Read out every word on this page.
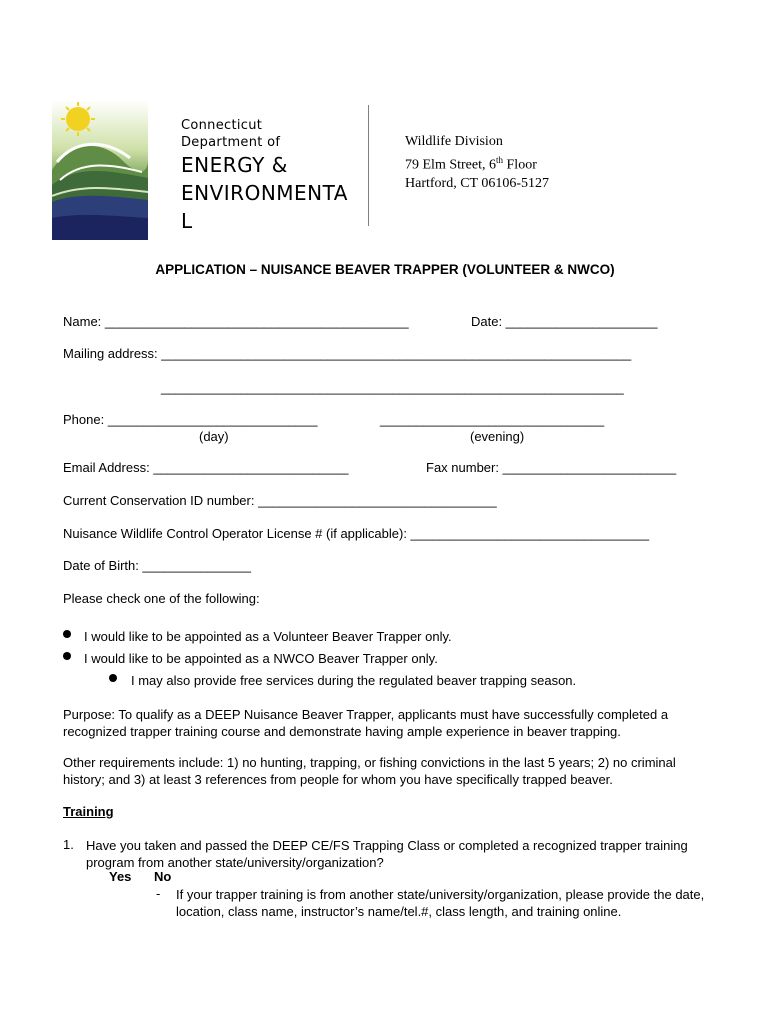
Connecticut
Department of
ENERGY &
ENVIRONMENTAL
Wildlife Division
79 Elm Street, 6th Floor
Hartford, CT 06106-5127
APPLICATION – NUISANCE BEAVER TRAPPER (VOLUNTEER & NWCO)
Name: __________________________________________	Date: _____________________
Mailing address: _________________________________________________________________
________________________________________________________________
Phone: _____________________________	_______________________________
(day)	(evening)
Email Address: ___________________________	Fax number: ________________________
Current Conservation ID number: _________________________________
Nuisance Wildlife Control Operator License # (if applicable): _________________________________
Date of Birth: _______________
Please check one of the following:
I would like to be appointed as a Volunteer Beaver Trapper only.
I would like to be appointed as a NWCO Beaver Trapper only.
I may also provide free services during the regulated beaver trapping season.
Purpose: To qualify as a DEEP Nuisance Beaver Trapper, applicants must have successfully completed a recognized trapper training course and demonstrate having ample experience in beaver trapping.
Other requirements include: 1) no hunting, trapping, or fishing convictions in the last 5 years; 2) no criminal history; and 3) at least 3 references from people for whom you have specifically trapped beaver.
Training
1. Have you taken and passed the DEEP CE/FS Trapping Class or completed a recognized trapper training program from another state/university/organization?
Yes No
- If your trapper training is from another state/university/organization, please provide the date, location, class name, instructor’s name/tel.#, class length, and training online.
